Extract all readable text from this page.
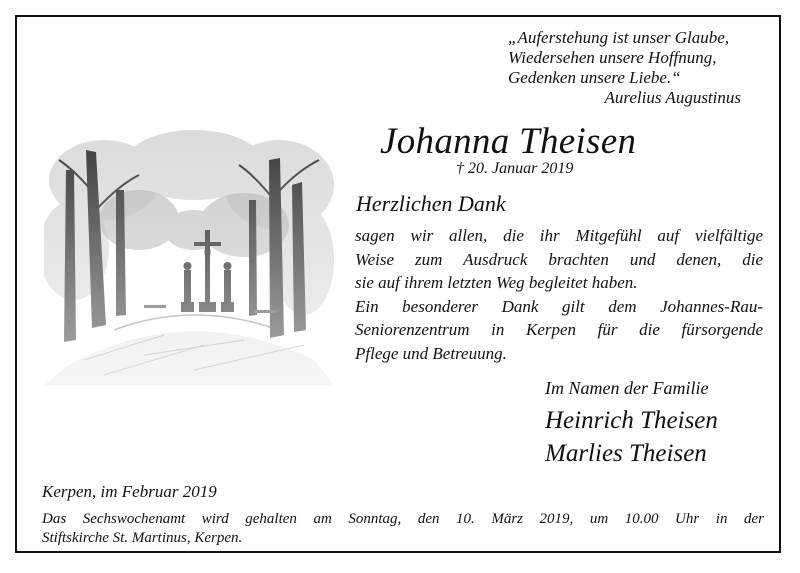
„Auferstehung ist unser Glaube,
Wiedersehen unsere Hoffnung,
Gedenken unsere Liebe.“
Aurelius Augustinus
Johanna Theisen
† 20. Januar 2019
Herzlichen Dank
sagen wir allen, die ihr Mitgefühl auf vielfältige
Weise zum Ausdruck brachten und denen, die
sie auf ihrem letzten Weg begleitet haben.
Ein besonderer Dank gilt dem Johannes-Rau-
Seniorenzentrum in Kerpen für die fürsorgende
Pflege und Betreuung.
Im Namen der Familie
Heinrich Theisen
Marlies Theisen
Kerpen, im Februar 2019
Das Sechswochenamt wird gehalten am Sonntag, den 10. März 2019, um 10.00 Uhr in der
Stiftskirche St. Martinus, Kerpen.
